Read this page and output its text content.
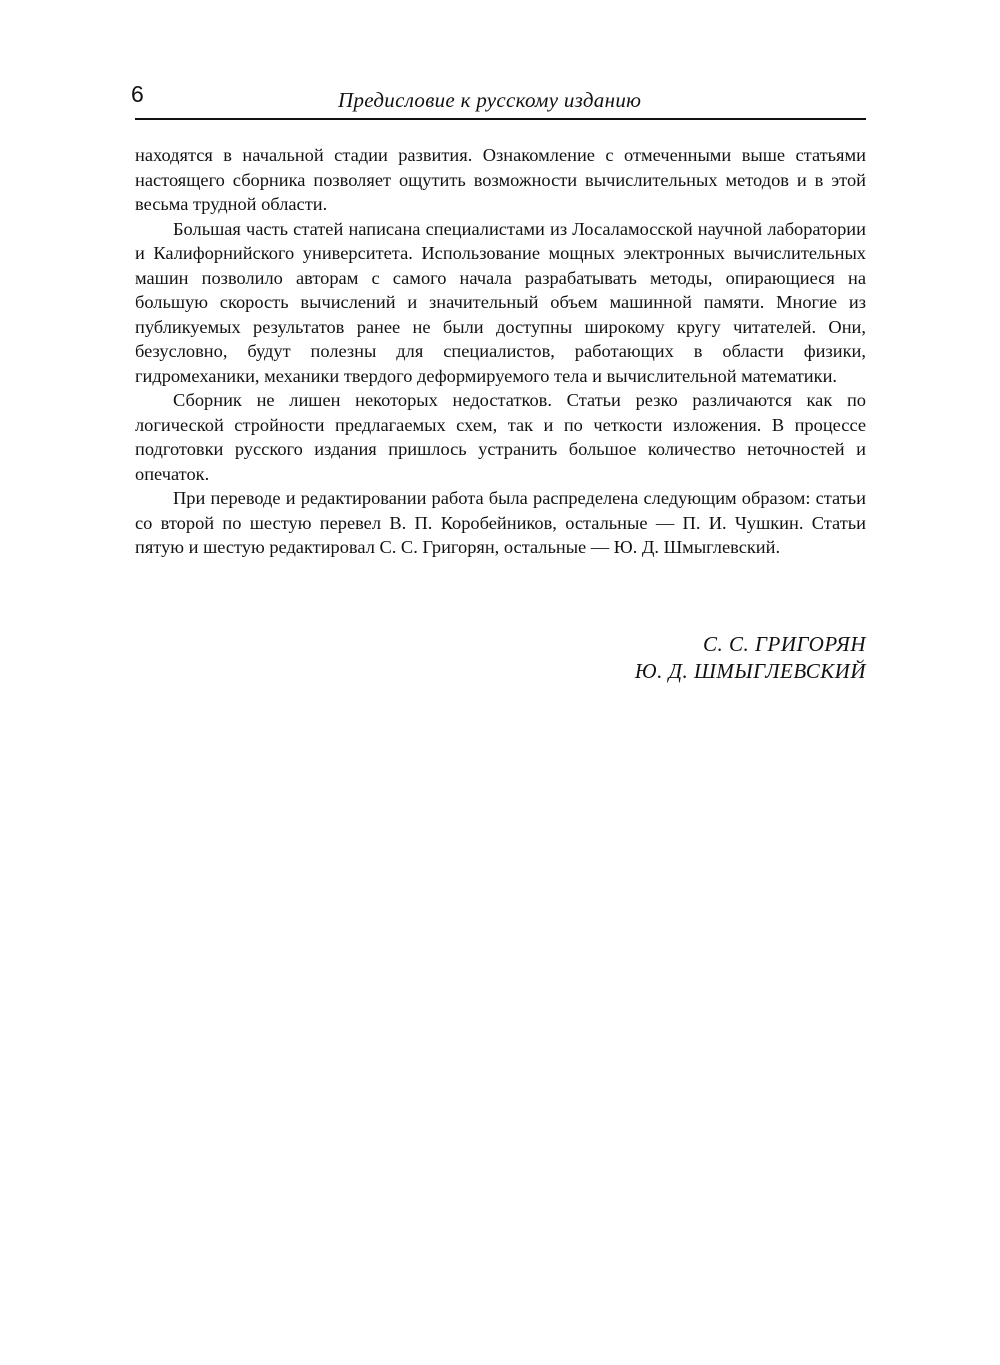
6	Предисловие к русскому изданию

находятся в начальной стадии развития. Ознакомление с отмеченными выше статьями настоящего сборника позволяет ощутить возможности вычислительных методов и в этой весьма трудной области.

Большая часть статей написана специалистами из Лосаламосской научной лаборатории и Калифорнийского университета. Использование мощных электронных вычислительных машин позволило авторам с самого начала разрабатывать методы, опирающиеся на большую скорость вычислений и значительный объем машинной памяти. Многие из публикуемых результатов ранее не были доступны широкому кругу читателей. Они, безусловно, будут полезны для специалистов, работающих в области физики, гидромеханики, механики твердого деформируемого тела и вычислительной математики.

Сборник не лишен некоторых недостатков. Статьи резко различаются как по логической стройности предлагаемых схем, так и по четкости изложения. В процессе подготовки русского издания пришлось устранить большое количество неточностей и опечаток.

При переводе и редактировании работа была распределена следующим образом: статьи со второй по шестую перевел В. П. Коробейников, остальные — П. И. Чушкин. Статьи пятую и шестую редактировал С. С. Григорян, остальные — Ю. Д. Шмыглевский.

С. С. ГРИГОРЯН
Ю. Д. ШМЫГЛЕВСКИЙ
